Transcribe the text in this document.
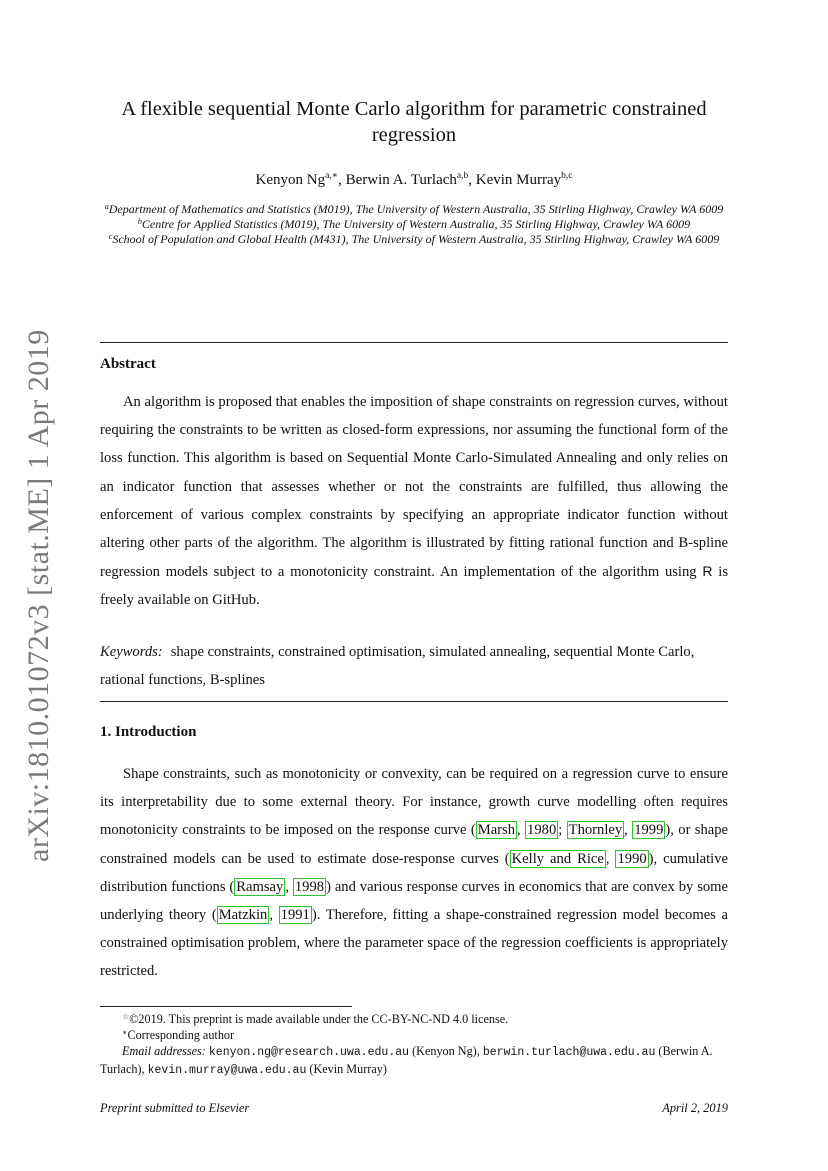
arXiv:1810.01072v3 [stat.ME] 1 Apr 2019
A flexible sequential Monte Carlo algorithm for parametric constrained
regression
Kenyon $Ng^{a,∗}$, Berwin A. Turlach$^{a,b}$, Kevin Murray$^{b,c}$
$^a$Department of Mathematics and Statistics (M019), The University of Western Australia, 35 Stirling Highway, Crawley WA 6009
$^b$Centre for Applied Statistics (M019), The University of Western Australia, 35 Stirling Highway, Crawley WA 6009
$^c$School of Population and Global Health (M431), The University of Western Australia, 35 Stirling Highway, Crawley WA 6009
Abstract

An algorithm is proposed that enables the imposition of shape constraints on regression curves, without requiring the constraints to be written as closed-form expressions, nor assuming the functional form of the loss function. This algorithm is based on Sequential Monte Carlo-Simulated Annealing and only relies on an indicator function that assesses whether or not the constraints are fulfilled, thus allowing the enforcement of various complex constraints by specifying an appropriate indicator function without altering other parts of the algorithm. The algorithm is illustrated by fitting rational function and B-spline regression models subject to a monotonicity constraint. An implementation of the algorithm using R is freely available on GitHub.

Keywords: shape constraints, constrained optimisation, simulated annealing, sequential Monte Carlo, rational functions, B-splines
1. Introduction

Shape constraints, such as monotonicity or convexity, can be required on a regression curve to ensure its interpretability due to some external theory. For instance, growth curve modelling often requires monotonicity constraints to be imposed on the response curve ( Marsh , 1980 ; Thornley , 1999 ), or shape constrained models can be used to estimate dose-response curves ( Kelly and Rice , 1990 ), cumulative distribution functions ( Ramsay , 1998 ) and various response curves in economics that are convex by some underlying theory ( Matzkin , 1991 ). Therefore, fitting a shape-constrained regression model becomes a constrained optimisation problem, where the parameter space of the regression coefficients is appropriately restricted.

☆©2019. This preprint is made available under the CC-BY-NC-ND 4.0 license.
∗Corresponding author
Email addresses: kenyon.ng@research.uwa.edu.au (Kenyon Ng), berwin.turlach@uwa.edu.au (Berwin A. Turlach), kevin.murray@uwa.edu.au (Kevin Murray)
Preprint submitted to Elsevier	April 2, 2019
